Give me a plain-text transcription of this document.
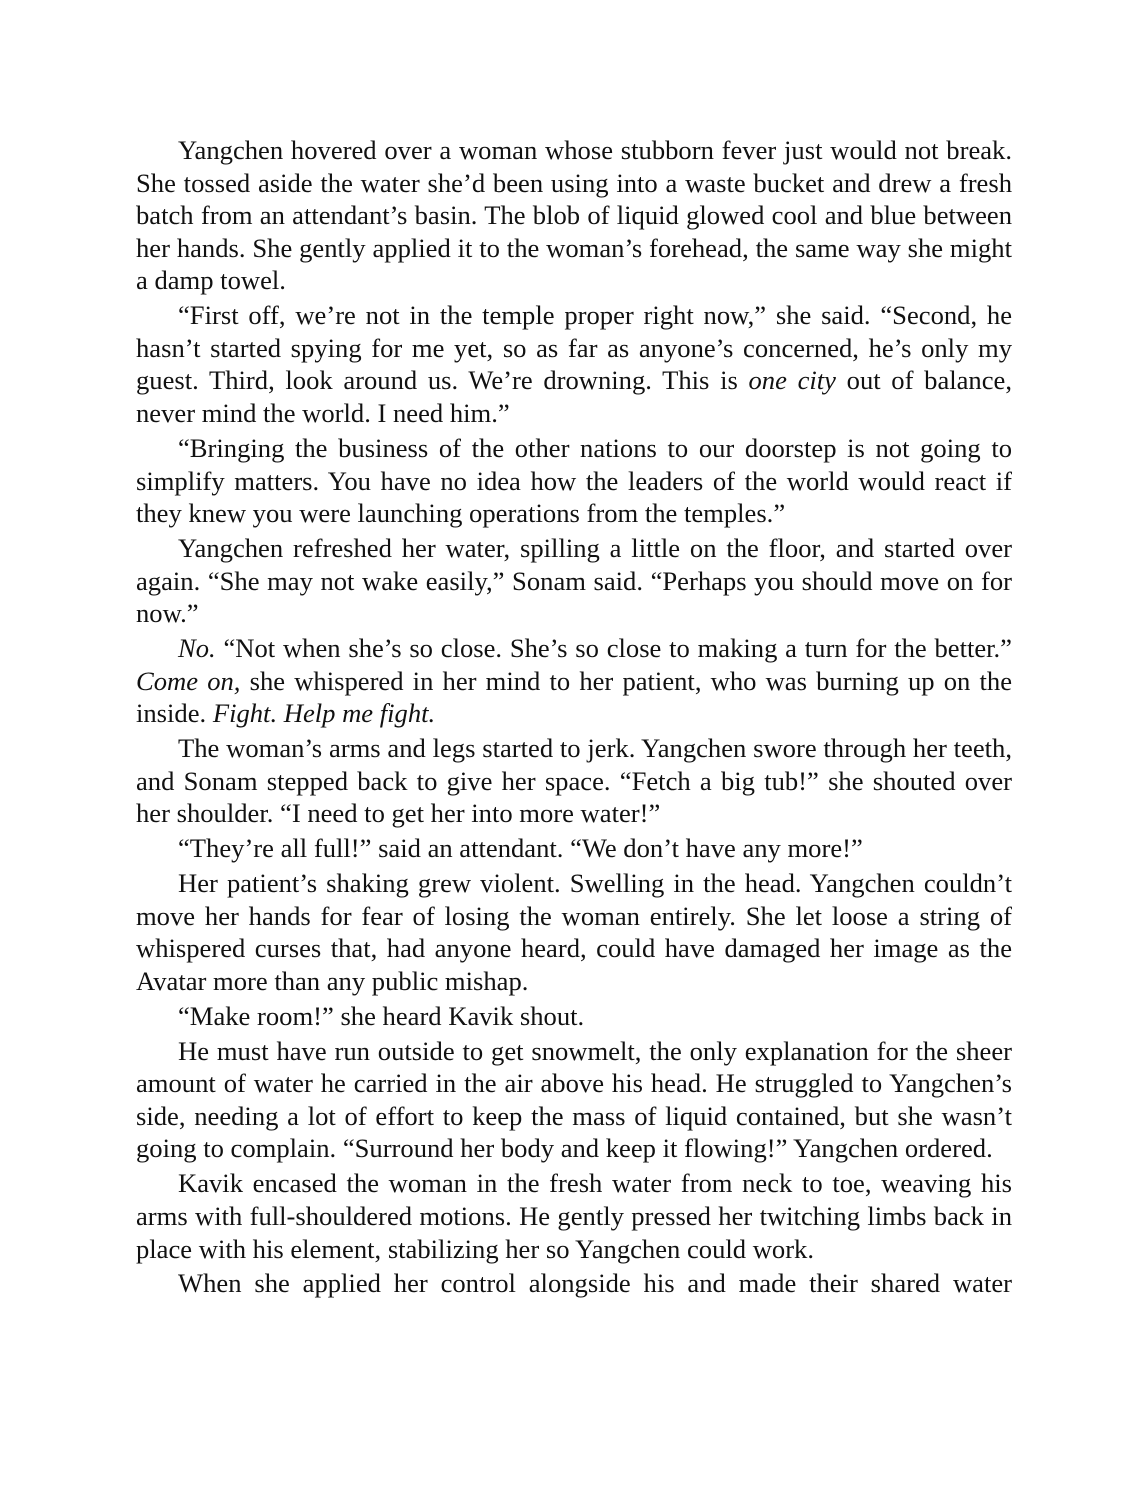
Yangchen hovered over a woman whose stubborn fever just would not break. She tossed aside the water she’d been using into a waste bucket and drew a fresh batch from an attendant’s basin. The blob of liquid glowed cool and blue between her hands. She gently applied it to the woman’s forehead, the same way she might a damp towel.

“First off, we’re not in the temple proper right now,” she said. “Second, he hasn’t started spying for me yet, so as far as anyone’s concerned, he’s only my guest. Third, look around us. We’re drowning. This is one city out of balance, never mind the world. I need him.”

“Bringing the business of the other nations to our doorstep is not going to simplify matters. You have no idea how the leaders of the world would react if they knew you were launching operations from the temples.”

Yangchen refreshed her water, spilling a little on the floor, and started over again. “She may not wake easily,” Sonam said. “Perhaps you should move on for now.”

No. “Not when she’s so close. She’s so close to making a turn for the better.” Come on, she whispered in her mind to her patient, who was burning up on the inside. Fight. Help me fight.

The woman’s arms and legs started to jerk. Yangchen swore through her teeth, and Sonam stepped back to give her space. “Fetch a big tub!” she shouted over her shoulder. “I need to get her into more water!”

“They’re all full!” said an attendant. “We don’t have any more!”

Her patient’s shaking grew violent. Swelling in the head. Yangchen couldn’t move her hands for fear of losing the woman entirely. She let loose a string of whispered curses that, had anyone heard, could have damaged her image as the Avatar more than any public mishap.

“Make room!” she heard Kavik shout.

He must have run outside to get snowmelt, the only explanation for the sheer amount of water he carried in the air above his head. He struggled to Yangchen’s side, needing a lot of effort to keep the mass of liquid contained, but she wasn’t going to complain. “Surround her body and keep it flowing!” Yangchen ordered.

Kavik encased the woman in the fresh water from neck to toe, weaving his arms with full-shouldered motions. He gently pressed her twitching limbs back in place with his element, stabilizing her so Yangchen could work.

When she applied her control alongside his and made their shared water
